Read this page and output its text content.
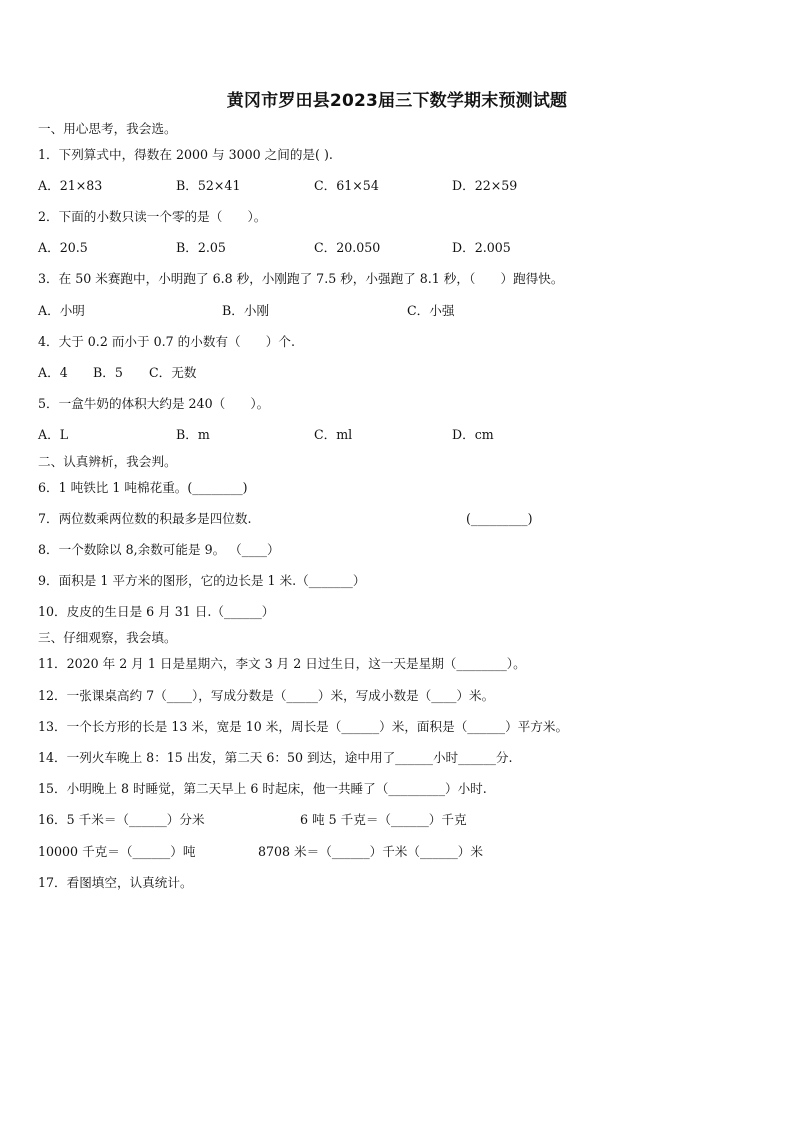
黄冈市罗田县2023届三下数学期末预测试题
一、用心思考，我会选。
1．下列算式中，得数在 2000 与 3000 之间的是( ).
A．21×83	B．52×41	C．61×54	D．22×59
2．下面的小数只读一个零的是（　　）。
A．20.5	B．2.05	C．20.050	D．2.005
3．在 50 米赛跑中，小明跑了 6.8 秒，小刚跑了 7.5 秒，小强跑了 8.1 秒，（　　）跑得快。
A．小明	B．小刚	C．小强
4．大于 0.2 而小于 0.7 的小数有（　　）个.
A．4 B．5 C．无数
5．一盒牛奶的体积大约是 240（　　）。
A．L	B．m	C．ml	D．cm
二、认真辨析，我会判。
6．1 吨铁比 1 吨棉花重。(________)
7．两位数乘两位数的积最多是四位数.	(_________)
8．一个数除以 8,余数可能是 9。 （____）
9．面积是 1 平方米的图形，它的边长是 1 米.（_______）
10．皮皮的生日是 6 月 31 日.（______）
三、仔细观察，我会填。
11．2020 年 2 月 1 日是星期六，李文 3 月 2 日过生日，这一天是星期（________）。
12．一张课桌高约 7（____），写成分数是（_____）米，写成小数是（____）米。
13．一个长方形的长是 13 米，宽是 10 米，周长是（______）米，面积是（______）平方米。
14．一列火车晚上 8：15 出发，第二天 6：50 到达，途中用了______小时______分.
15．小明晚上 8 时睡觉，第二天早上 6 时起床，他一共睡了（_________）小时.
16．5 千米＝（______）分米	6 吨 5 千克＝（______）千克
10000 千克＝（______）吨	8708 米＝（______）千米（______）米
17．看图填空，认真统计。
